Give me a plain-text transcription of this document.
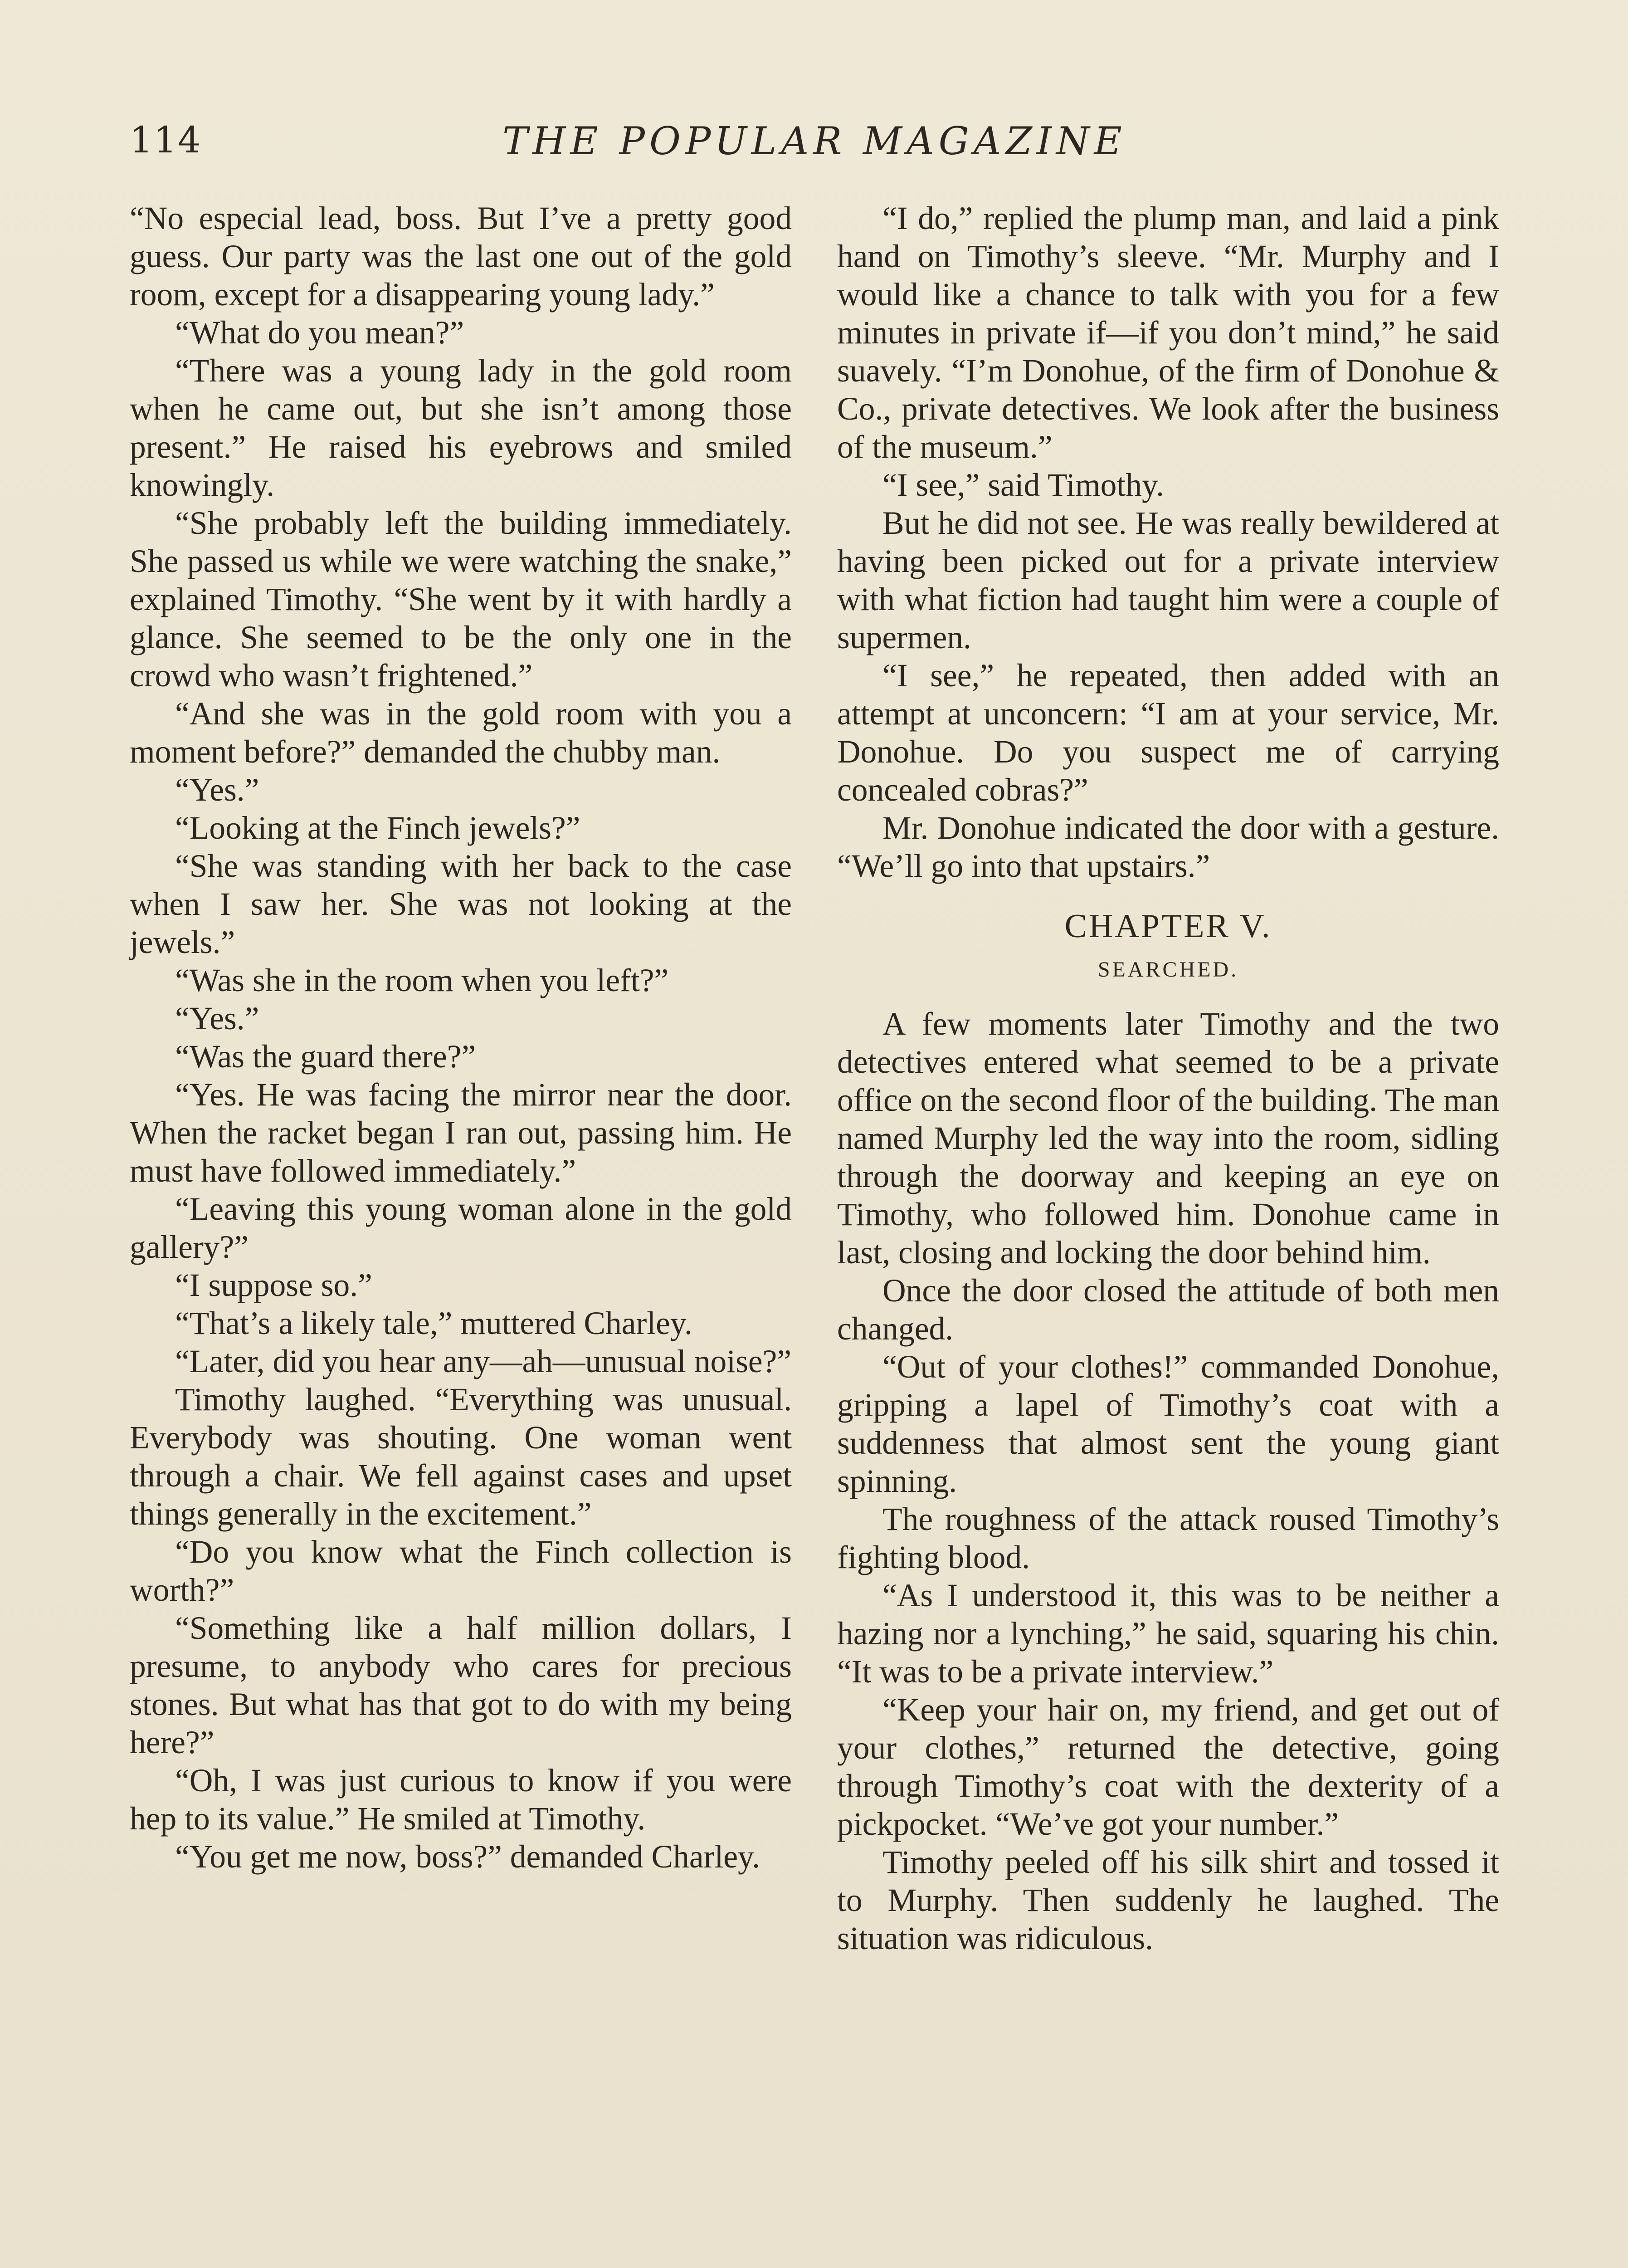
114	THE POPULAR MAGAZINE

“No especial lead, boss. But I’ve a pretty good guess. Our party was the last one out of the gold room, except for a disappearing young lady.”

“What do you mean?”

“There was a young lady in the gold room when he came out, but she isn’t among those present.” He raised his eyebrows and smiled knowingly.

“She probably left the building immediately. She passed us while we were watching the snake,” explained Timothy. “She went by it with hardly a glance. She seemed to be the only one in the crowd who wasn’t frightened.”

“And she was in the gold room with you a moment before?” demanded the chubby man.

“Yes.”

“Looking at the Finch jewels?”

“She was standing with her back to the case when I saw her. She was not looking at the jewels.”

“Was she in the room when you left?”

“Yes.”

“Was the guard there?”

“Yes. He was facing the mirror near the door. When the racket began I ran out, passing him. He must have followed immediately.”

“Leaving this young woman alone in the gold gallery?”

“I suppose so.”

“That’s a likely tale,” muttered Charley.

“Later, did you hear any—ah—unusual noise?”

Timothy laughed. “Everything was unusual. Everybody was shouting. One woman went through a chair. We fell against cases and upset things generally in the excitement.”

“Do you know what the Finch collection is worth?”

“Something like a half million dollars, I presume, to anybody who cares for precious stones. But what has that got to do with my being here?”

“Oh, I was just curious to know if you were hep to its value.” He smiled at Timothy.

“You get me now, boss?” demanded Charley.

“I do,” replied the plump man, and laid a pink hand on Timothy’s sleeve. “Mr. Murphy and I would like a chance to talk with you for a few minutes in private if—if you don’t mind,” he said suavely. “I’m Donohue, of the firm of Donohue & Co., private detectives. We look after the business of the museum.”

“I see,” said Timothy.

But he did not see. He was really bewildered at having been picked out for a private interview with what fiction had taught him were a couple of supermen.

“I see,” he repeated, then added with an attempt at unconcern: “I am at your service, Mr. Donohue. Do you suspect me of carrying concealed cobras?”

Mr. Donohue indicated the door with a gesture. “We’ll go into that upstairs.”

CHAPTER V.
SEARCHED.

A few moments later Timothy and the two detectives entered what seemed to be a private office on the second floor of the building. The man named Murphy led the way into the room, sidling through the doorway and keeping an eye on Timothy, who followed him. Donohue came in last, closing and locking the door behind him.

Once the door closed the attitude of both men changed.

“Out of your clothes!” commanded Donohue, gripping a lapel of Timothy’s coat with a suddenness that almost sent the young giant spinning.

The roughness of the attack roused Timothy’s fighting blood.

“As I understood it, this was to be neither a hazing nor a lynching,” he said, squaring his chin. “It was to be a private interview.”

“Keep your hair on, my friend, and get out of your clothes,” returned the detective, going through Timothy’s coat with the dexterity of a pickpocket. “We’ve got your number.”

Timothy peeled off his silk shirt and tossed it to Murphy. Then suddenly he laughed. The situation was ridiculous.
